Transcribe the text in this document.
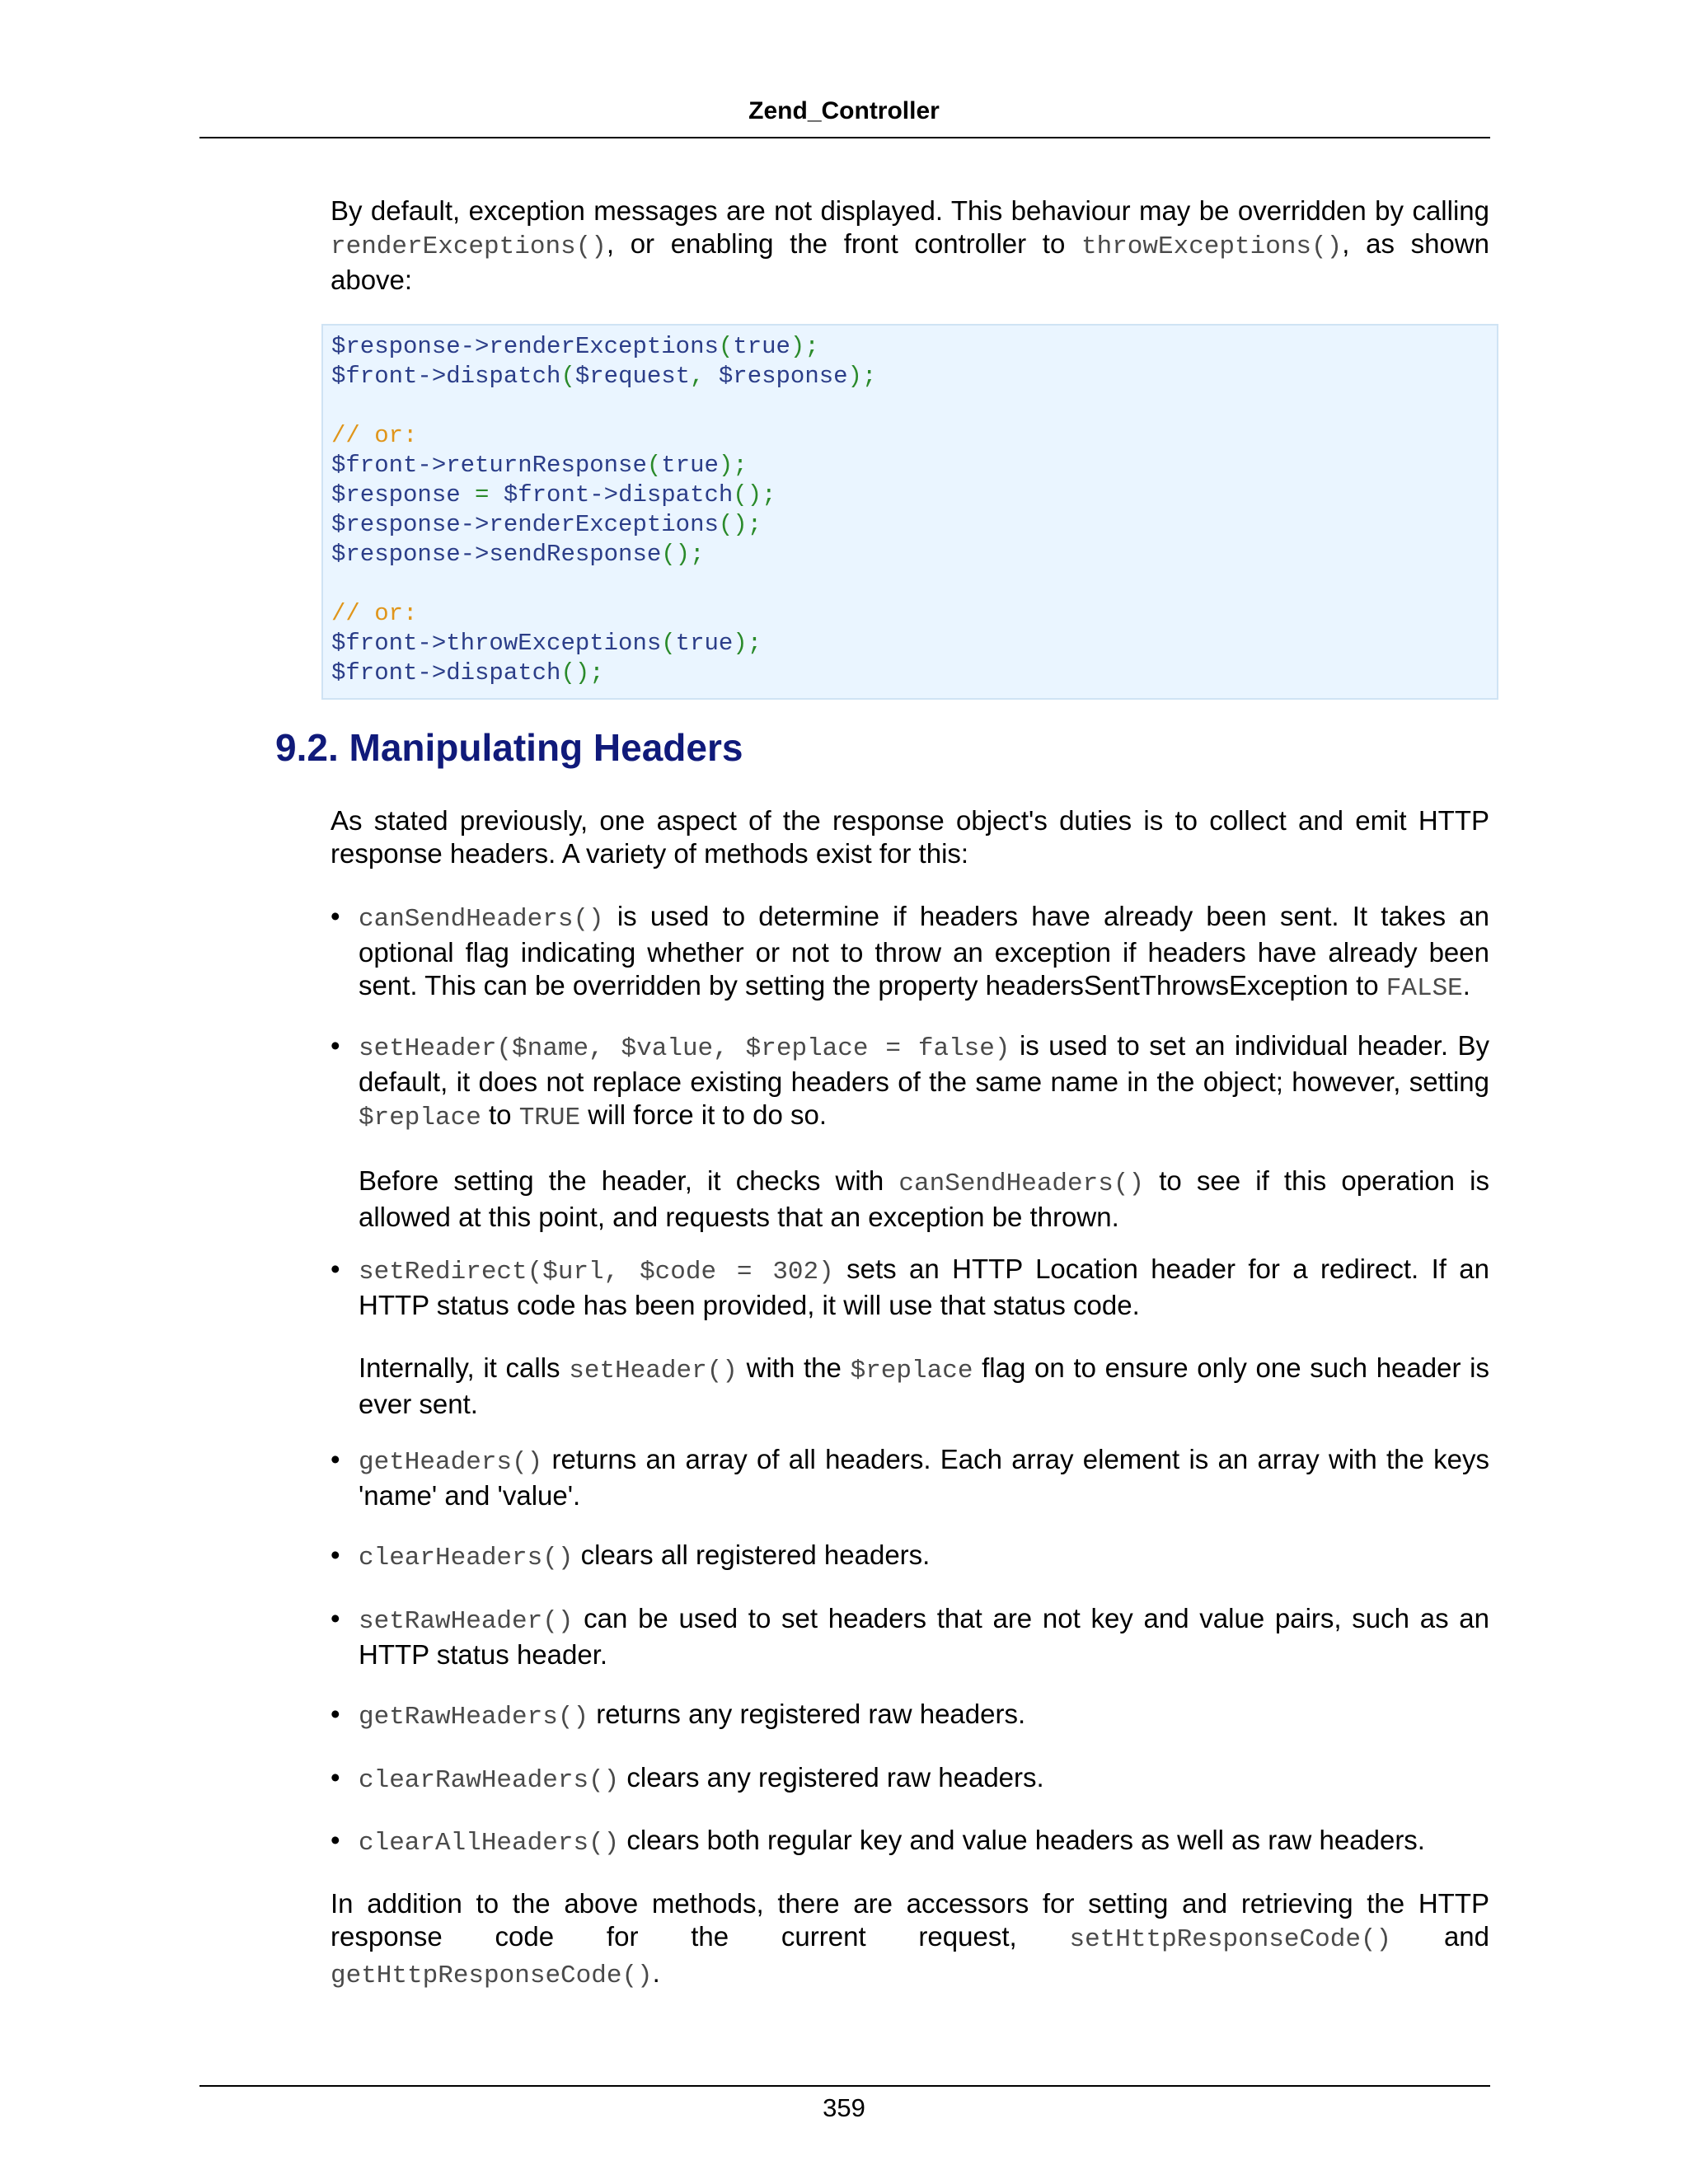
Zend_Controller
By default, exception messages are not displayed. This behaviour may be overridden by calling renderExceptions(), or enabling the front controller to throwExceptions(), as shown above:
$response->renderExceptions(true);
$front->dispatch($request, $response);
// or:
$front->returnResponse(true);
$response = $front->dispatch();
$response->renderExceptions();
$response->sendResponse();
// or:
$front->throwExceptions(true);
$front->dispatch();
9.2. Manipulating Headers
As stated previously, one aspect of the response object's duties is to collect and emit HTTP response headers. A variety of methods exist for this:
• canSendHeaders() is used to determine if headers have already been sent. It takes an optional flag indicating whether or not to throw an exception if headers have already been sent. This can be overridden by setting the property headersSentThrowsException to FALSE.
• setHeader($name, $value, $replace = false) is used to set an individual header. By default, it does not replace existing headers of the same name in the object; however, setting $replace to TRUE will force it to do so.
Before setting the header, it checks with canSendHeaders() to see if this operation is allowed at this point, and requests that an exception be thrown.
• setRedirect($url, $code = 302) sets an HTTP Location header for a redirect. If an HTTP status code has been provided, it will use that status code.
Internally, it calls setHeader() with the $replace flag on to ensure only one such header is ever sent.
• getHeaders() returns an array of all headers. Each array element is an array with the keys 'name' and 'value'.
• clearHeaders() clears all registered headers.
• setRawHeader() can be used to set headers that are not key and value pairs, such as an HTTP status header.
• getRawHeaders() returns any registered raw headers.
• clearRawHeaders() clears any registered raw headers.
• clearAllHeaders() clears both regular key and value headers as well as raw headers.
In addition to the above methods, there are accessors for setting and retrieving the HTTP response code for the current request, setHttpResponseCode() and getHttpResponseCode().
359
